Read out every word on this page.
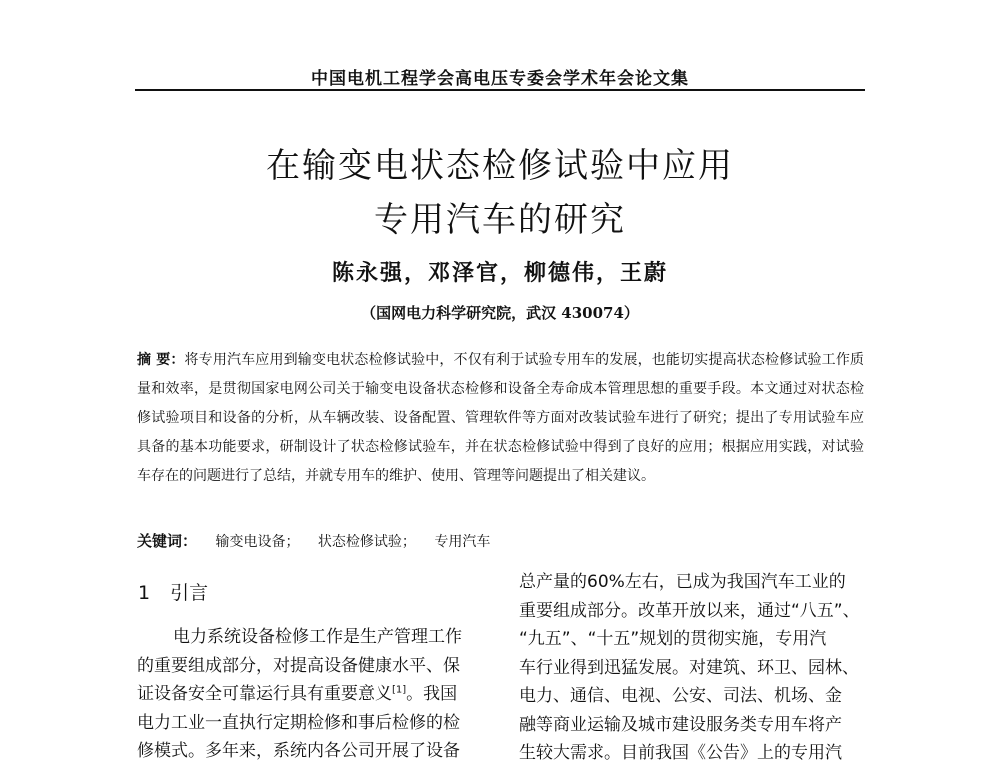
中国电机工程学会高电压专委会学术年会论文集
在输变电状态检修试验中应用
专用汽车的研究
陈永强，邓泽官，柳德伟，王蔚
（国网电力科学研究院，武汉 430074）
摘 要：将专用汽车应用到输变电状态检修试验中，不仅有利于试验专用车的发展，也能切实提高状态检修试验工作质量和效率，是贯彻国家电网公司关于输变电设备状态检修和设备全寿命成本管理思想的重要手段。本文通过对状态检修试验项目和设备的分析，从车辆改装、设备配置、管理软件等方面对改装试验车进行了研究；提出了专用试验车应具备的基本功能要求，研制设计了状态检修试验车，并在状态检修试验中得到了良好的应用；根据应用实践，对试验车存在的问题进行了总结，并就专用车的维护、使用、管理等问题提出了相关建议。
关键词： 输变电设备； 状态检修试验； 专用汽车
1 引言
电力系统设备检修工作是生产管理工作
的重要组成部分，对提高设备健康水平、保
证设备安全可靠运行具有重要意义[1]。我国
电力工业一直执行定期检修和事后检修的检
修模式。多年来，系统内各公司开展了设备
总产量的60%左右，已成为我国汽车工业的
重要组成部分。改革开放以来，通过“八五”、
“九五”、“十五”规划的贯彻实施，专用汽
车行业得到迅猛发展。对建筑、环卫、园林、
电力、通信、电视、公安、司法、机场、金
融等商业运输及城市建设服务类专用车将产
生较大需求。目前我国《公告》上的专用汽
